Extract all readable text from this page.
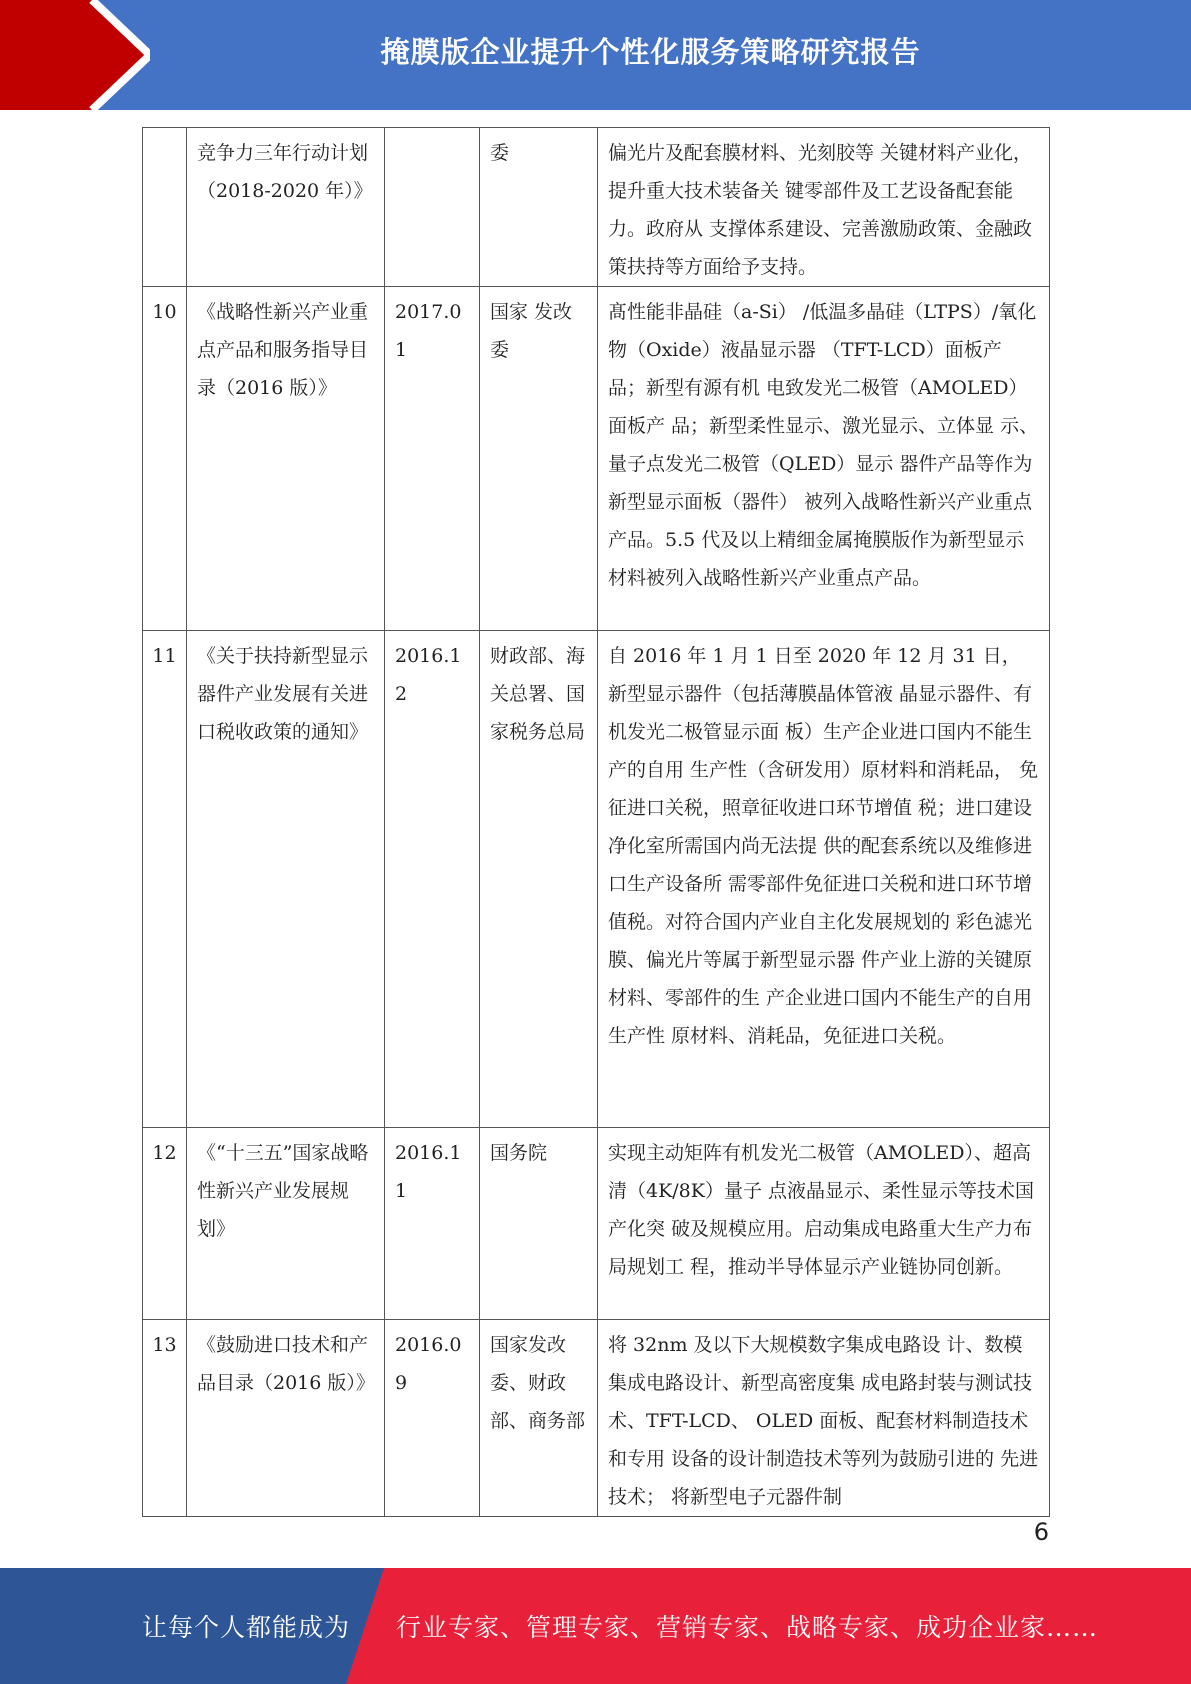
掩膜版企业提升个性化服务策略研究报告
	竞争力三年行动计划（2018-2020 年）》		委	偏光片及配套膜材料、光刻胶等 关键材料产业化，提升重大技术装备关 键零部件及工艺设备配套能力。政府从 支撑体系建设、完善激励政策、金融政 策扶持等方面给予支持。
10	《战略性新兴产业重点产品和服务指导目录（2016 版）》	2017.01	国家 发改委	髙性能非晶硅（a-Si） /低温多晶硅（LTPS）/氧化物（Oxide）液晶显示器 （TFT-LCD）面板产品；新型有源有机 电致发光二极管（AMOLED）面板产 品；新型柔性显示、激光显示、立体显 示、量子点发光二极管（QLED）显示 器件产品等作为新型显示面板（器件） 被列入战略性新兴产业重点产品。5.5 代及以上精细金属掩膜版作为新型显示材料被列入战略性新兴产业重点产品。
11	《关于扶持新型显示器件产业发展有关进口税收政策的通知》	2016.12	财政部、海关总署、国家税务总局	自 2016 年 1 月 1 日至 2020 年 12 月 31 日，新型显示器件（包括薄膜晶体管液 晶显示器件、有机发光二极管显示面 板）生产企业进口国内不能生产的自用 生产性（含研发用）原材料和消耗品， 免征进口关税，照章征收进口环节增值 税；进口建设净化室所需国内尚无法提 供的配套系统以及维修进口生产设备所 需零部件免征进口关税和进口环节增值税。对符合国内产业自主化发展规划的 彩色滤光膜、偏光片等属于新型显示器 件产业上游的关键原材料、零部件的生 产企业进口国内不能生产的自用生产性 原材料、消耗品，免征进口关税。
12	《“十三五”国家战略性新兴产业发展规划》	2016.11	国务院	实现主动矩阵有机发光二极管（AMOLED）、超高清（4K/8K）量子 点液晶显示、柔性显示等技术国产化突 破及规模应用。启动集成电路重大生产力布局规划工 程，推动半导体显示产业链协同创新。
13	《鼓励进口技术和产品目录（2016 版）》	2016.09	国家发改委、财政部、商务部	将 32nm 及以下大规模数字集成电路设 计、数模集成电路设计、新型高密度集 成电路封装与测试技术、TFT-LCD、 OLED 面板、配套材料制造技术和专用 设备的设计制造技术等列为鼓励引进的 先进技术； 将新型电子元器件制
6
让每个人都能成为 行业专家、管理专家、营销专家、战略专家、成功企业家……
